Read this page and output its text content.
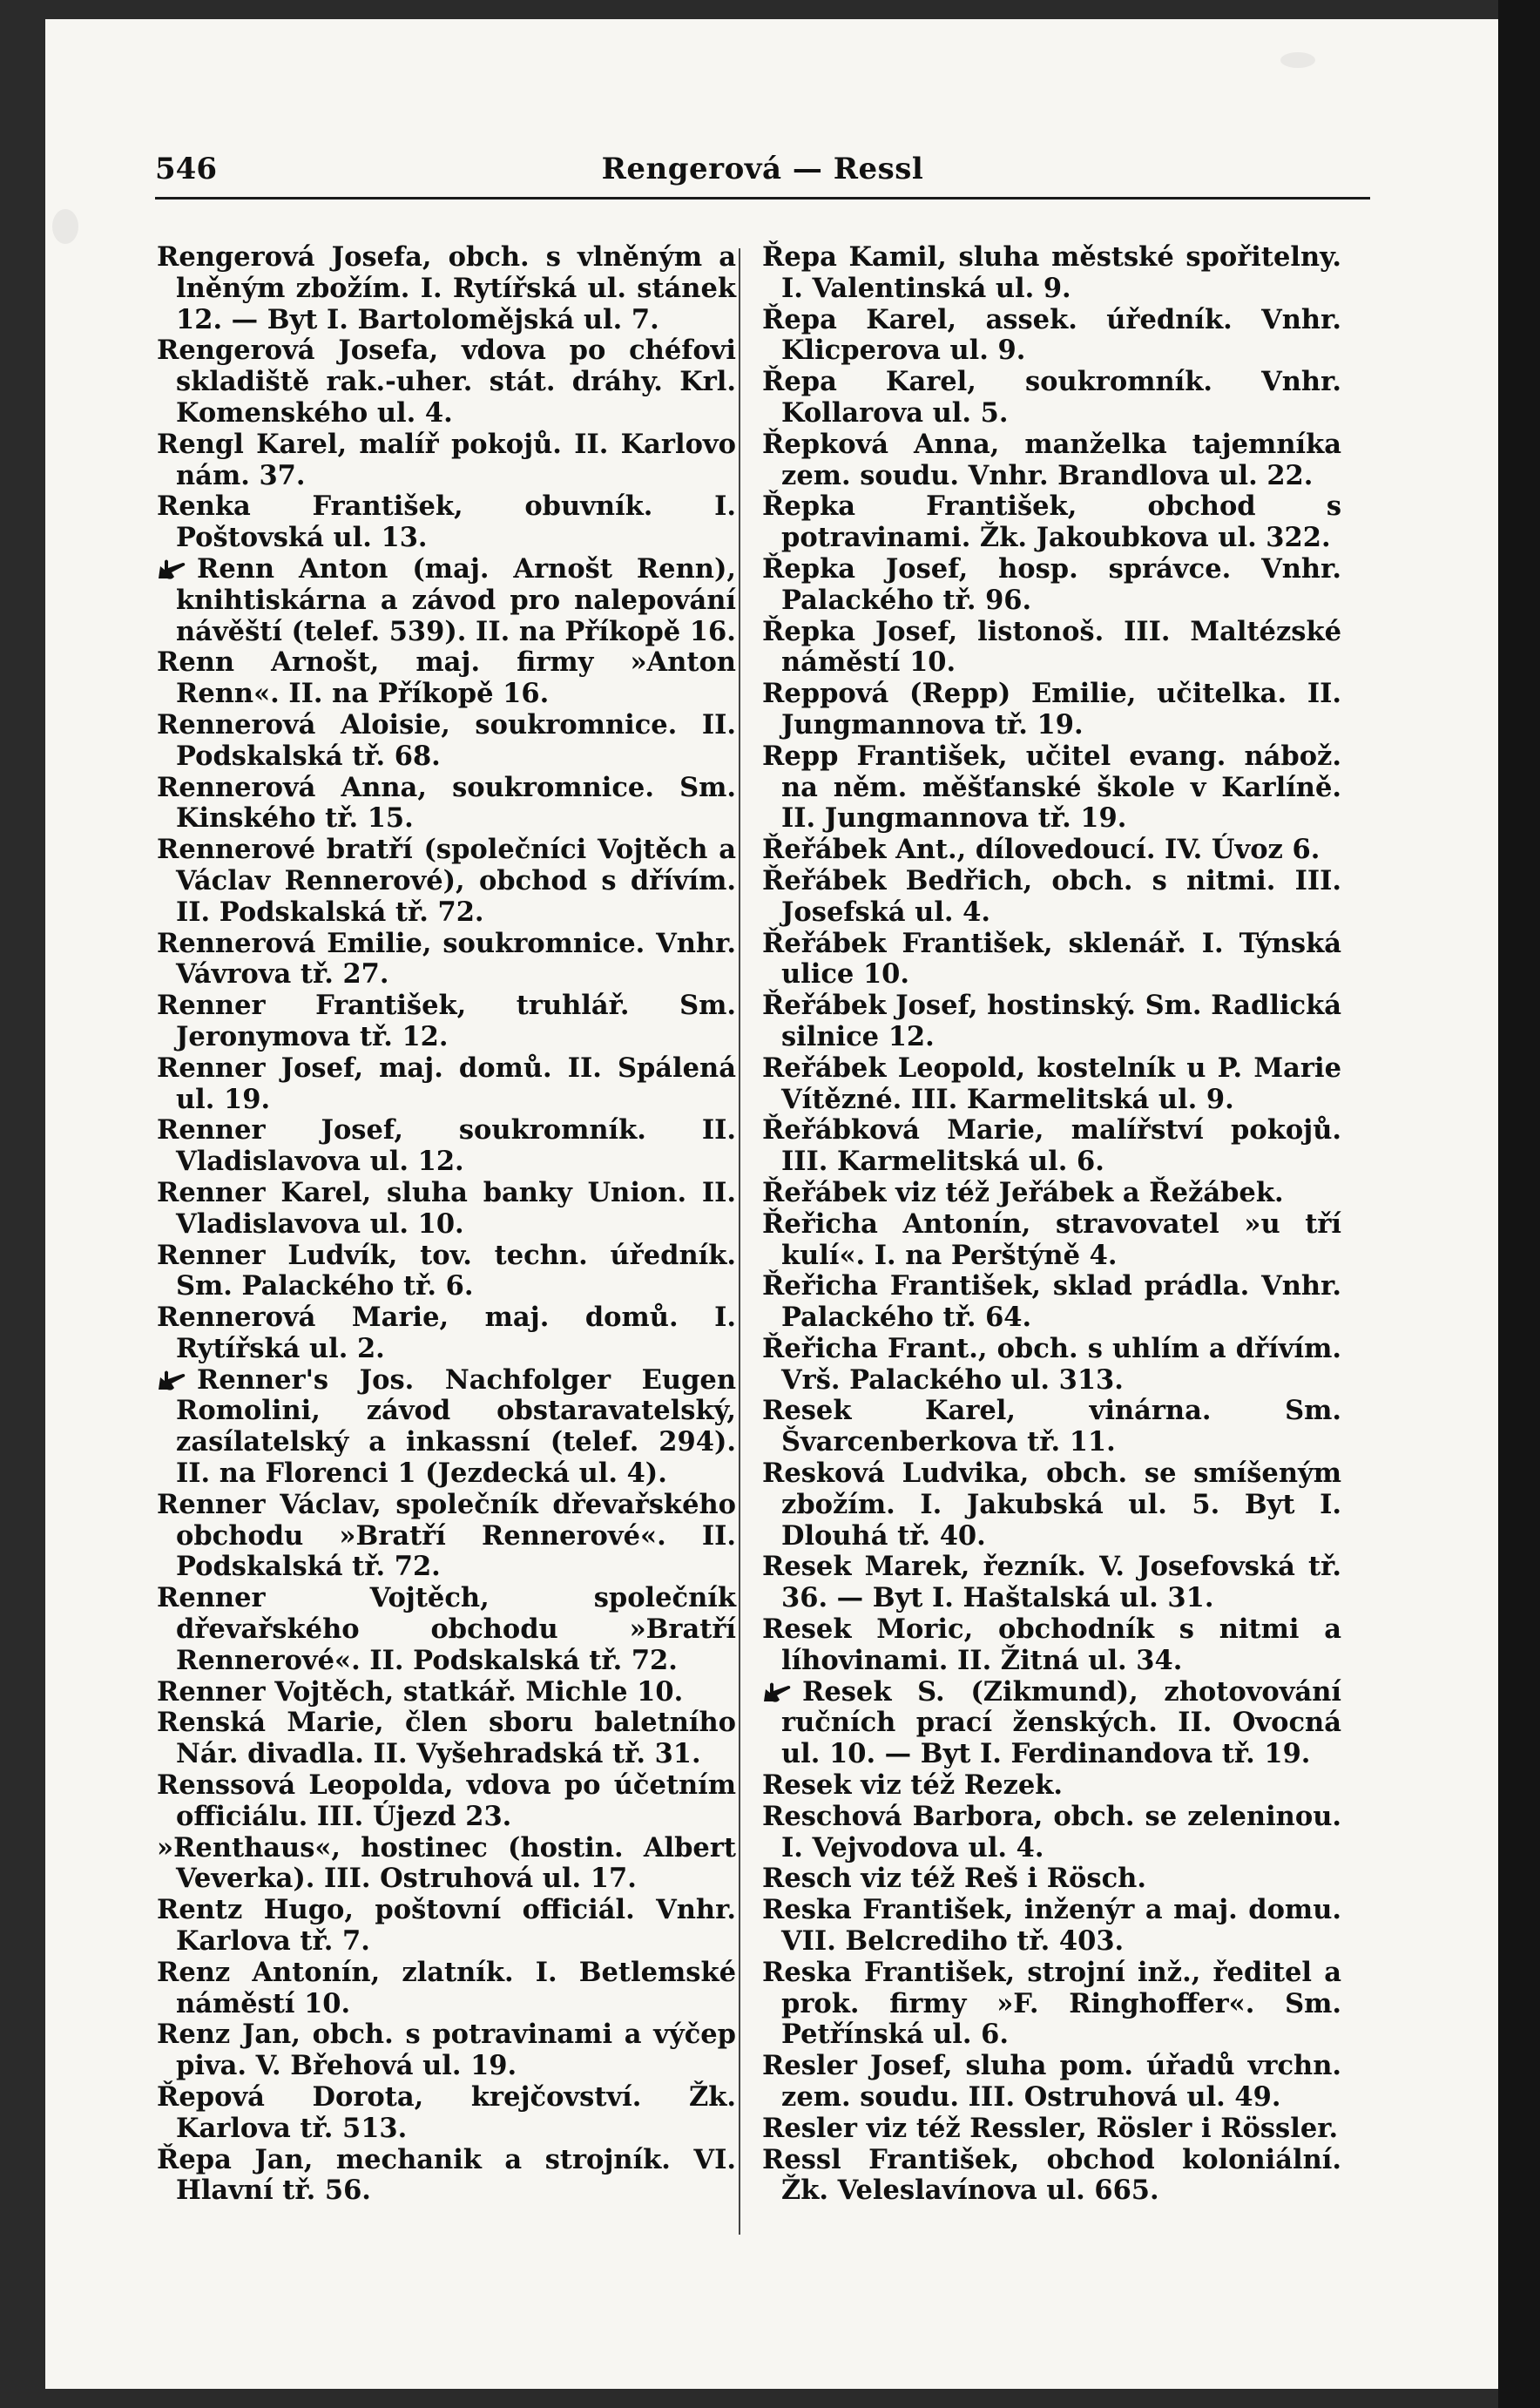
546	Rengerová — Ressl

Rengerová Josefa, obch. s vlněným a lněným zbožím. I. Rytířská ul. stánek 12. — Byt I. Bartolomějská ul. 7.

Rengerová Josefa, vdova po chéfovi skladiště rak.-uher. stát. dráhy. Krl. Komenského ul. 4.

Rengl Karel, malíř pokojů. II. Karlovo nám. 37.

Renka František, obuvník. I. Poštovská ul. 13.

Renn Anton (maj. Arnošt Renn), knihtiskárna a závod pro nalepování návěští (telef. 539). II. na Příkopě 16.

Renn Arnošt, maj. firmy »Anton Renn«. II. na Příkopě 16.

Rennerová Aloisie, soukromnice. II. Podskalská tř. 68.

Rennerová Anna, soukromnice. Sm. Kinského tř. 15.

Rennerové bratří (společníci Vojtěch a Václav Rennerové), obchod s dřívím. II. Podskalská tř. 72.

Rennerová Emilie, soukromnice. Vnhr. Vávrova tř. 27.

Renner František, truhlář. Sm. Jeronymova tř. 12.

Renner Josef, maj. domů. II. Spálená ul. 19.

Renner Josef, soukromník. II. Vladislavova ul. 12.

Renner Karel, sluha banky Union. II. Vladislavova ul. 10.

Renner Ludvík, tov. techn. úředník. Sm. Palackého tř. 6.

Rennerová Marie, maj. domů. I. Rytířská ul. 2.

Renner's Jos. Nachfolger Eugen Romolini, závod obstaravatelský, zasílatelský a inkassní (telef. 294). II. na Florenci 1 (Jezdecká ul. 4).

Renner Václav, společník dřevařského obchodu »Bratří Rennerové«. II. Podskalská tř. 72.

Renner Vojtěch, společník dřevařského obchodu »Bratří Rennerové«. II. Podskalská tř. 72.

Renner Vojtěch, statkář. Michle 10.

Renská Marie, člen sboru baletního Nár. divadla. II. Vyšehradská tř. 31.

Renssová Leopolda, vdova po účetním officiálu. III. Újezd 23.

»Renthaus«, hostinec (hostin. Albert Veverka). III. Ostruhová ul. 17.

Rentz Hugo, poštovní officiál. Vnhr. Karlova tř. 7.

Renz Antonín, zlatník. I. Betlemské náměstí 10.

Renz Jan, obch. s potravinami a výčep piva. V. Břehová ul. 19.

Řepová Dorota, krejčovství. Žk. Karlova tř. 513.

Řepa Jan, mechanik a strojník. VI. Hlavní tř. 56.

Řepa Kamil, sluha městské spořitelny. I. Valentinská ul. 9.

Řepa Karel, assek. úředník. Vnhr. Klicperova ul. 9.

Řepa Karel, soukromník. Vnhr. Kollarova ul. 5.

Řepková Anna, manželka tajemníka zem. soudu. Vnhr. Brandlova ul. 22.

Řepka František, obchod s potravinami. Žk. Jakoubkova ul. 322.

Řepka Josef, hosp. správce. Vnhr. Palackého tř. 96.

Řepka Josef, listonoš. III. Maltézské náměstí 10.

Reppová (Repp) Emilie, učitelka. II. Jungmannova tř. 19.

Repp František, učitel evang. nábož. na něm. měšťanské škole v Karlíně. II. Jungmannova tř. 19.

Řeřábek Ant., dílovedoucí. IV. Úvoz 6.

Řeřábek Bedřich, obch. s nitmi. III. Josefská ul. 4.

Řeřábek František, sklenář. I. Týnská ulice 10.

Řeřábek Josef, hostinský. Sm. Radlická silnice 12.

Reřábek Leopold, kostelník u P. Marie Vítězné. III. Karmelitská ul. 9.

Řeřábková Marie, malířství pokojů. III. Karmelitská ul. 6.

Řeřábek viz též Jeřábek a Řežábek.

Řeřicha Antonín, stravovatel »u tří kulí«. I. na Perštýně 4.

Řeřicha František, sklad prádla. Vnhr. Palackého tř. 64.

Řeřicha Frant., obch. s uhlím a dřívím. Vrš. Palackého ul. 313.

Resek Karel, vinárna. Sm. Švarcenberkova tř. 11.

Resková Ludvika, obch. se smíšeným zbožím. I. Jakubská ul. 5. Byt I. Dlouhá tř. 40.

Resek Marek, řezník. V. Josefovská tř. 36. — Byt I. Haštalská ul. 31.

Resek Moric, obchodník s nitmi a líhovinami. II. Žitná ul. 34.

Resek S. (Zikmund), zhotovování ručních prací ženských. II. Ovocná ul. 10. — Byt I. Ferdinandova tř. 19.

Resek viz též Rezek.

Reschová Barbora, obch. se zeleninou. I. Vejvodova ul. 4.

Resch viz též Reš i Rösch.

Reska František, inženýr a maj. domu. VII. Belcrediho tř. 403.

Reska František, strojní inž., ředitel a prok. firmy »F. Ringhoffer«. Sm. Petřínská ul. 6.

Resler Josef, sluha pom. úřadů vrchn. zem. soudu. III. Ostruhová ul. 49.

Resler viz též Ressler, Rösler i Rössler.

Ressl František, obchod koloniální. Žk. Veleslavínova ul. 665.
